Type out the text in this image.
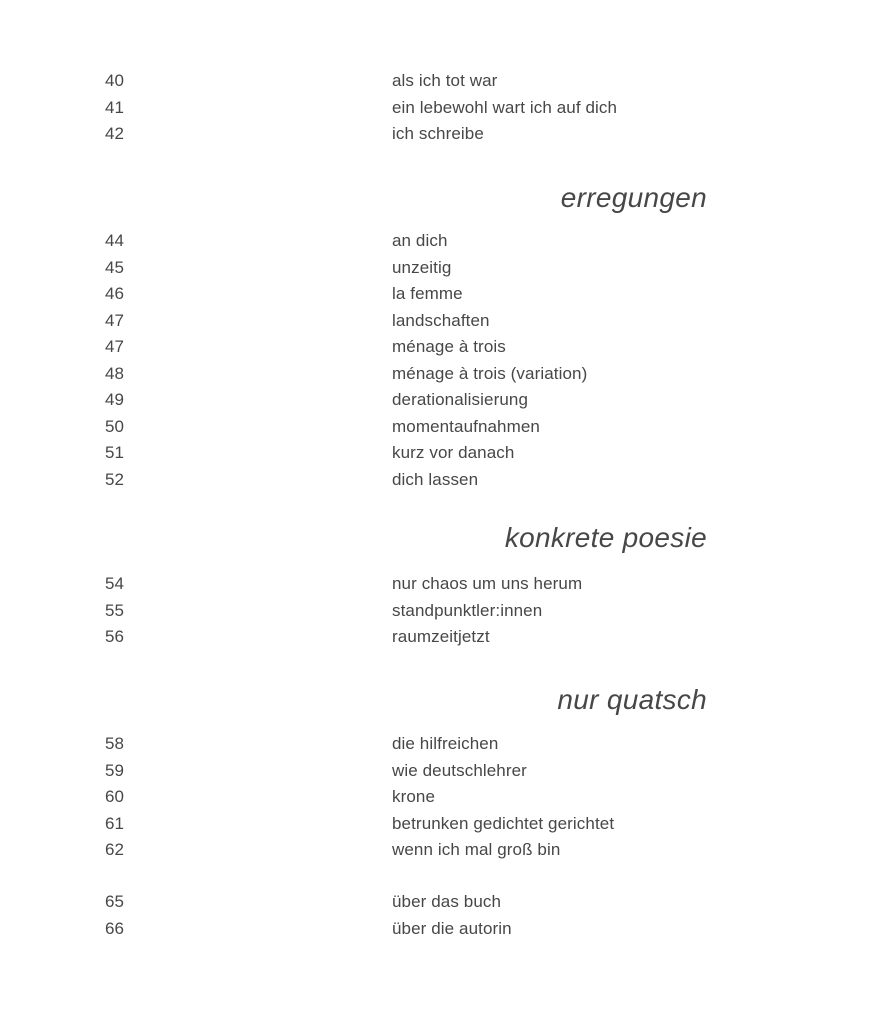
40	als ich tot war
41	ein lebewohl wart ich auf dich
42	ich schreibe
erregungen
44	an dich
45	unzeitig
46	la femme
47	landschaften
47	ménage à trois
48	ménage à trois (variation)
49	derationalisierung
50	momentaufnahmen
51	kurz vor danach
52	dich lassen
konkrete poesie
54	nur chaos um uns herum
55	standpunktler:innen
56	raumzeitjetzt
nur quatsch
58	die hilfreichen
59	wie deutschlehrer
60	krone
61	betrunken gedichtet gerichtet
62	wenn ich mal groß bin
65	über das buch
66	über die autorin
